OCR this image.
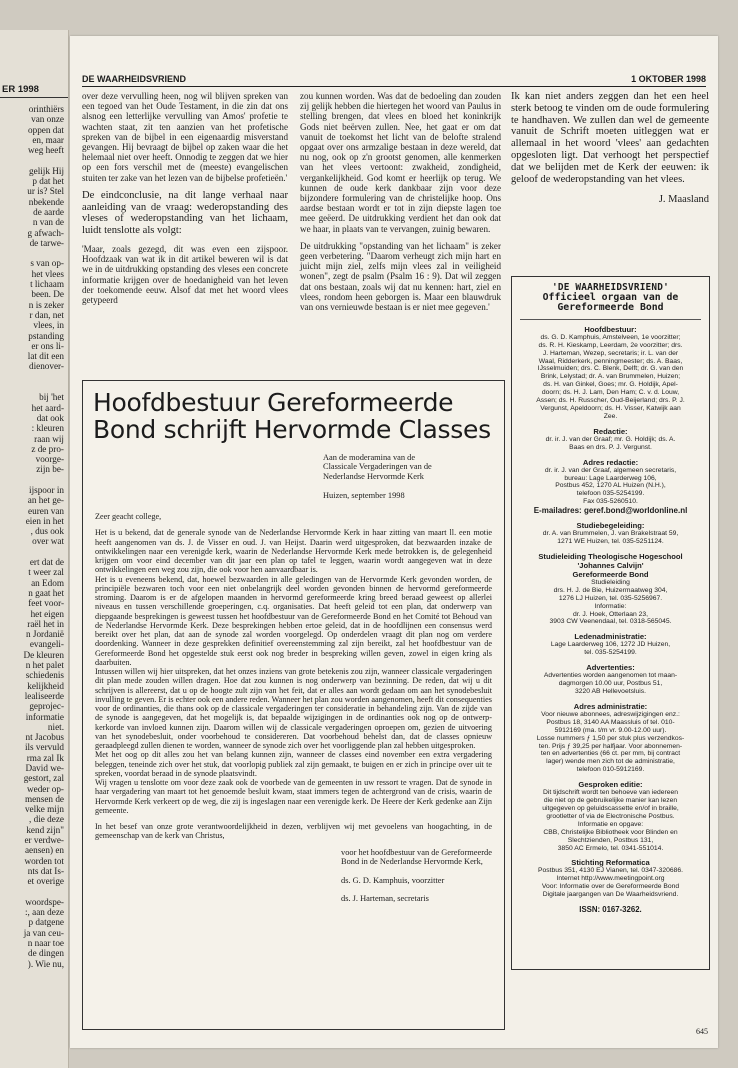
ER 1998
orinthiërs
van onze
oppen dat
en, maar
weg heeft

gelijk Hij
p dat het
ur is? Stel
nbekende
de aarde
n van de
g afwach-
de tarwe-

s van op-
het vlees
t lichaam
been. De
n is zeker
r dan, net
vlees, in
pstanding
er ons li-
lat dit een
dienover-

bij 'het
het aard-
dat ook
: kleuren
raan wij
z de pro-
voorge-
zijn be-

ijspoor in
an het ge-
euren van
eien in het
, dus ook
over wat

ert dat de
t weer zal
an Edom
n gaat het
feet voor-
het eigen
raël het in
n Jordanië
evangeli-
De kleuren
n het palet
schiedenis
kelijkheid
lealiseerde
geprojec-
informatie
niet.
nt Jacobus
ils vervuld
rma zal Ik
David we-
gestort, zal
weder op-
mensen de
velke mijn
, die deze
kend zijn"
er verdwe-
aensen) en
worden tot
nts dat Is-
et overige

woordspe-
:, aan deze
p datgene
ja van ceu-
n naar toe
de dingen
). Wie nu,
DE WAARHEIDSVRIEND	1 OKTOBER 1998

over deze vervulling heen, nog wil blijven spreken van een tegoed van het Oude Testament, in die zin dat ons alsnog een letterlijke vervulling van Amos' profetie te wachten staat, zit ten aanzien van het profetische spreken van de bijbel in een eigenaardig misverstand gevangen. Hij bevraagt de bijbel op zaken waar die het helemaal niet over heeft. Onnodig te zeggen dat we hier op een fors verschil met de (meeste) evangelischen stuiten ter zake van het lezen van de bijbelse profetieën.'

De eindconclusie, na dit lange verhaal naar aanleiding van de vraag: wederopstanding des vleses of wederopstanding van het lichaam, luidt tenslotte als volgt:

'Maar, zoals gezegd, dit was even een zijspoor. Hoofdzaak van wat ik in dit artikel beweren wil is dat we in de uitdrukking opstanding des vleses een concrete informatie krijgen over de hoedanigheid van het leven der toekomende eeuw. Alsof dat met het woord vlees getypeerd

zou kunnen worden. Was dat de bedoeling dan zouden zij gelijk hebben die hiertegen het woord van Paulus in stelling brengen, dat vlees en bloed het koninkrijk Gods niet beërven zullen. Nee, het gaat er om dat vanuit de toekomst het licht van de belofte stralend opgaat over ons armzalige bestaan in deze wereld, dat nu nog, ook op z'n grootst genomen, alle kenmerken van het vlees vertoont: zwakheid, zondigheid, vergankelijkheid. God komt er heerlijk op terug. We kunnen de oude kerk dankbaar zijn voor deze bijzondere formulering van de christelijke hoop. Ons aardse bestaan wordt er tot in zijn diepste lagen toe mee geëerd. De uitdrukking verdient het dan ook dat we haar, in plaats van te vervangen, zuinig bewaren.

De uitdrukking "opstanding van het lichaam" is zeker geen verbetering. "Daarom verheugt zich mijn hart en juicht mijn ziel, zelfs mijn vlees zal in veiligheid wonen", zegt de psalm (Psalm 16 : 9). Dat wil zeggen dat ons bestaan, zoals wij dat nu kennen: hart, ziel en vlees, rondom heen geborgen is. Maar een blauwdruk van ons vernieuwde bestaan is er niet mee gegeven.'

Ik kan niet anders zeggen dan het een heel sterk betoog te vinden om de oude formulering te handhaven. We zullen dan wel de gemeente vanuit de Schrift moeten uitleggen wat er allemaal in het woord 'vlees' aan gedachten opgesloten ligt. Dat verhoogt het perspectief dat we belijden met de Kerk der eeuwen: ik geloof de wederopstanding van het vlees.

J. Maasland
Hoofdbestuur Gereformeerde Bond schrijft Hervormde Classes
Aan de moderamina van de
Classicale Vergaderingen van de
Nederlandse Hervormde Kerk
Huizen, september 1998

Zeer geacht college,

Het is u bekend, dat de generale synode van de Nederlandse Hervormde Kerk in haar zitting van maart ll. een motie heeft aangenomen van ds. J. de Visser en oud. J. van Heijst. Daarin werd uitgesproken, dat bezwaarden inzake de ontwikkelingen naar een verenigde kerk, waarin de Nederlandse Hervormde Kerk mede betrokken is, de gelegenheid krijgen om voor eind december van dit jaar een plan op tafel te leggen, waarin wordt aangegeven wat in deze ontwikkelingen een weg zou zijn, die ook voor hen aanvaardbaar is.

Het is u eveneens bekend, dat, hoewel bezwaarden in alle geledingen van de Hervormde Kerk gevonden worden, de principiële bezwaren toch voor een niet onbelangrijk deel worden gevonden binnen de hervormd gereformeerde stroming. Daarom is er de afgelopen maanden in hervormd gereformeerde kring breed beraad geweest op allerlei niveaus en tussen verschillende groeperingen, c.q. organisaties. Dat heeft geleid tot een plan, dat onderwerp van diepgaande besprekingen is geweest tussen het hoofdbestuur van de Gereformeerde Bond en het Comité tot Behoud van de Nederlandse Hervormde Kerk. Deze besprekingen hebben ertoe geleid, dat in de hoofdlijnen een consensus werd bereikt over het plan, dat aan de synode zal worden voorgelegd. Op onderdelen vraagt dit plan nog om verdere doordenking. Wanneer in deze gesprekken definitief overeenstemming zal zijn bereikt, zal het hoofdbestuur van de Gereformeerde Bond het opgestelde stuk eerst ook nog breder in bespreking willen geven, zowel in eigen kring als daarbuiten.

Intussen willen wij hier uitspreken, dat het onzes inziens van grote betekenis zou zijn, wanneer classicale vergaderingen dit plan mede zouden willen dragen. Hoe dat zou kunnen is nog onderwerp van bezinning. De reden, dat wij u dit schrijven is allereerst, dat u op de hoogte zult zijn van het feit, dat er alles aan wordt gedaan om aan het synodebesluit invulling te geven. Er is echter ook een andere reden. Wanneer het plan zou worden aangenomen, heeft dit consequenties voor de ordinanties, die thans ook op de classicale vergaderingen ter consideratie in behandeling zijn. Van de zijde van de synode is aangegeven, dat het mogelijk is, dat bepaalde wijzigingen in de ordinanties ook nog op de ontwerp-kerkorde van invloed kunnen zijn. Daarom willen wij de classicale vergaderingen oproepen om, gezien de uitvoering van het synodebesluit, onder voorbehoud te considereren. Dat voorbehoud behelst dan, dat de classes opnieuw geraadpleegd zullen dienen te worden, wanneer de synode zich over het voorliggende plan zal hebben uitgesproken.

Met het oog op dit alles zou het van belang kunnen zijn, wanneer de classes eind november een extra vergadering beleggen, teneinde zich over het stuk, dat voorlopig publiek zal zijn gemaakt, te buigen en er zich in principe over uit te spreken, voordat beraad in de synode plaatsvindt.

Wij vragen u tenslotte om voor deze zaak ook de voorbede van de gemeenten in uw ressort te vragen. Dat de synode in haar vergadering van maart tot het genoemde besluit kwam, staat immers tegen de achtergrond van de crisis, waarin de Hervormde Kerk verkeert op de weg, die zij is ingeslagen naar een verenigde kerk. De Heere der Kerk gedenke aan Zijn gemeente.

In het besef van onze grote verantwoordelijkheid in dezen, verblijven wij met gevoelens van hoogachting, in de gemeenschap van de kerk van Christus,

voor het hoofdbestuur van de Gereformeerde Bond in de Nederlandse Hervormde Kerk,
ds. G. D. Kamphuis, voorzitter
ds. J. Harteman, secretaris
'DE WAARHEIDSVRIEND'
Officieel orgaan van de
Gereformeerde Bond
Hoofdbestuur:
ds. G. D. Kamphuis, Amstelveen, 1e voorzitter;
ds. R. H. Kieskamp, Leerdam, 2e voorzitter; drs.
J. Harteman, Wezep, secretaris; ir. L. van der
Waal, Ridderkerk, penningmeester; ds. A. Baas,
IJsselmuiden; drs. C. Blenk, Delft; dr. G. van den
Brink, Lelystad; dr. A. van Brummelen, Huizen;
ds. H. van Ginkel, Goes; mr. G. Holdijk, Apel-
doorn; ds. H. J. Lam, Den Ham; C. v. d. Louw,
Assen; ds. H. Russcher, Oud-Beijerland; drs. P. J.
Vergunst, Apeldoorn; ds. H. Visser, Katwijk aan
Zee.
Redactie:
dr. ir. J. van der Graaf; mr. G. Holdijk; ds. A.
Baas en drs. P. J. Vergunst.
Adres redactie:
dr. ir. J. van der Graaf, algemeen secretaris,
bureau: Lage Laarderweg 106,
Postbus 452, 1270 AL Huizen (N.H.),
telefoon 035-5254199.
Fax 035-5260510.
E-mailadres: geref.bond@worldonline.nl
Studiebegeleiding:
dr. A. van Brummelen, J. van Brakelstraat 59,
1271 WE Huizen, tel. 035-5251124.
Studieleiding Theologische Hogeschool
'Johannes Calvijn'
Gereformeerde Bond
Studieleiding
drs. H. J. de Bie, Huizermaatweg 304,
1276 LJ Huizen, tel. 035-5256967.
Informatie:
dr. J. Hoek, Otterlaan 23,
3903 CW Veenendaal, tel. 0318-565045.
Ledenadministratie:
Lage Laarderweg 106, 1272 JD Huizen,
tel. 035-5254199.
Advertenties:
Advertenties worden aangenomen tot maan-
dagmorgen 10.00 uur, Postbus 51,
3220 AB Hellevoetsluis.
Adres administratie:
Voor nieuwe abonnees, adreswijzigingen enz.:
Postbus 18, 3140 AA Maassluis of tel. 010-
5912169 (ma. t/m vr. 9.00-12.00 uur).
Losse nummers ƒ 1,50 per stuk plus verzendkos-
ten. Prijs ƒ 39,25 per halfjaar. Voor abonnemen-
ten en advertenties (66 ct. per mm, bij contract
lager) wende men zich tot de administratie,
telefoon 010-5912169.
Gesproken editie:
Dit tijdschrift wordt ten behoeve van iedereen
die niet op de gebruikelijke manier kan lezen
uitgegeven op geluidscassette en/of in braille,
grootletter of via de Electronische Postbus.
Informatie en opgave:
CBB, Christelijke Bibliotheek voor Blinden en
Slechtzienden, Postbus 131,
3850 AC Ermelo, tel. 0341-551014.
Stichting Reformatica
Postbus 351, 4130 EJ Vianen, tel. 0347-320686.
Internet http://www.meetingpoint.org
Voor: Informatie over de Gereformeerde Bond
Digitale jaargangen van De Waarheidsvriend.
ISSN: 0167-3262.
645
